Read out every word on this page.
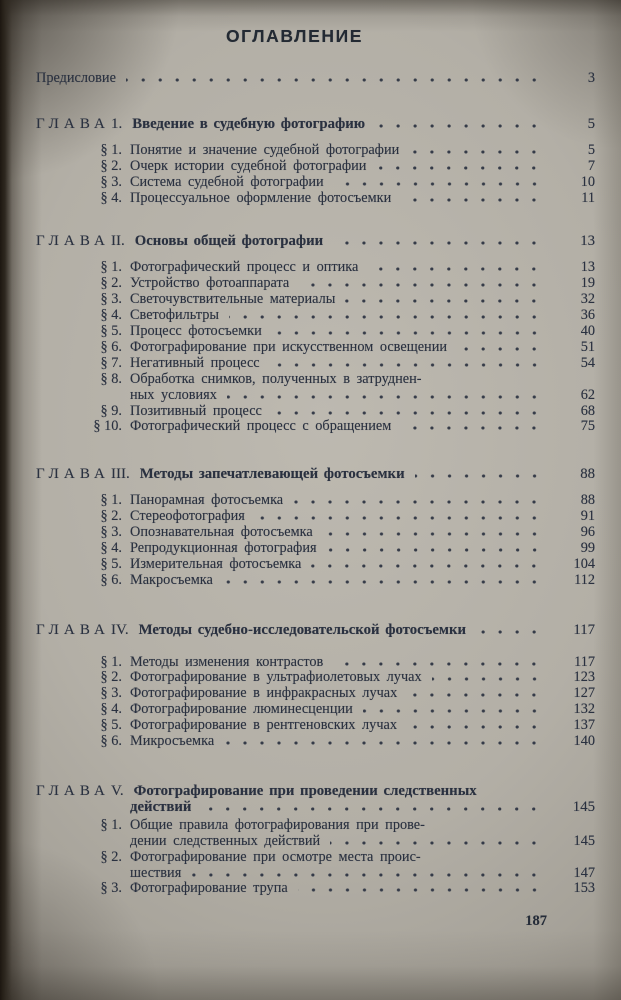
ОГЛАВЛЕНИЕ
Предисловие	3
ГЛАВА 1. Введение в судебную фотографию	5
§ 1. Понятие и значение судебной фотографии	5
§ 2. Очерк истории судебной фотографии	7
§ 3. Система судебной фотографии	10
§ 4. Процессуальное оформление фотосъемки	11
ГЛАВА II. Основы общей фотографии	13
§ 1. Фотографический процесс и оптика	13
§ 2. Устройство фотоаппарата	19
§ 3. Светочувствительные материалы	32
§ 4. Светофильтры	36
§ 5. Процесс фотосъемки	40
§ 6. Фотографирование при искусственном освещении	51
§ 7. Негативный процесс	54
§ 8. Обработка снимков, полученных в затруднен-
ных условиях	62
§ 9. Позитивный процесс	68
§ 10. Фотографический процесс с обращением	75
ГЛАВА III. Методы запечатлевающей фотосъемки	88
§ 1. Панорамная фотосъемка	88
§ 2. Стереофотография	91
§ 3. Опознавательная фотосъемка	96
§ 4. Репродукционная фотография	99
§ 5. Измерительная фотосъемка	104
§ 6. Макросъемка	112
ГЛАВА IV. Методы судебно-исследовательской фотосъемки	117
§ 1. Методы изменения контрастов	117
§ 2. Фотографирование в ультрафиолетовых лучах	123
§ 3. Фотографирование в инфракрасных лучах	127
§ 4. Фотографирование люминесценции	132
§ 5. Фотографирование в рентгеновских лучах	137
§ 6. Микросъемка	140
ГЛАВА V. Фотографирование при проведении следственных
действий	145
§ 1. Общие правила фотографирования при прове-
дении следственных действий	145
§ 2. Фотографирование при осмотре места проис-
шествия	147
§ 3. Фотографирование трупа	153
187
